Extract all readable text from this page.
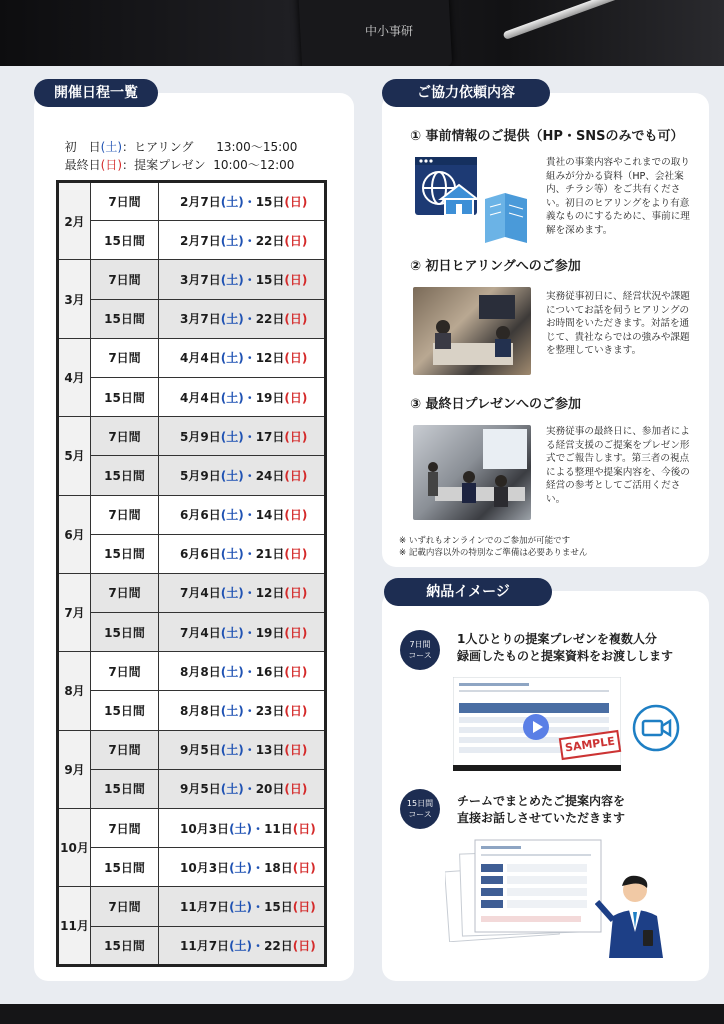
中小事研
開催日程一覧

初　日(土)：ヒアリング 13:00〜15:00

最終日(日)：提案プレゼン 10:00〜12:00

2月	7日間	2月7日(土)・15日(日)
	15日間	2月7日(土)・22日(日)
3月	7日間	3月7日(土)・15日(日)
	15日間	3月7日(土)・22日(日)
4月	7日間	4月4日(土)・12日(日)
	15日間	4月4日(土)・19日(日)
5月	7日間	5月9日(土)・17日(日)
	15日間	5月9日(土)・24日(日)
6月	7日間	6月6日(土)・14日(日)
	15日間	6月6日(土)・21日(日)
7月	7日間	7月4日(土)・12日(日)
	15日間	7月4日(土)・19日(日)
8月	7日間	8月8日(土)・16日(日)
	15日間	8月8日(土)・23日(日)
9月	7日間	9月5日(土)・13日(日)
	15日間	9月5日(土)・20日(日)
10月	7日間	10月3日(土)・11日(日)
	15日間	10月3日(土)・18日(日)
11月	7日間	11月7日(土)・15日(日)
	15日間	11月7日(土)・22日(日)
ご協力依頼内容
① 事前情報のご提供（HP・SNSのみでも可）
貴社の事業内容やこれまでの取り組みが分かる資料（HP、会社案内、チラシ等）をご共有ください。初日のヒアリングをより有意義なものにするために、事前に理解を深めます。
② 初日ヒアリングへのご参加
実務従事初日に、経営状況や課題についてお話を伺うヒアリングのお時間をいただきます。対話を通じて、貴社ならではの強みや課題を整理していきます。
③ 最終日プレゼンへのご参加
実務従事の最終日に、参加者による経営支援のご提案をプレゼン形式でご報告します。第三者の視点による整理や提案内容を、今後の経営の参考としてご活用ください。
※ いずれもオンラインでのご参加が可能です
※ 記載内容以外の特別なご準備は必要ありません
納品イメージ
7日間
コース
1人ひとりの提案プレゼンを複数人分
録画したものと提案資料をお渡しします
SAMPLE
15日間
コース
チームでまとめたご提案内容を
直接お話しさせていただきます
